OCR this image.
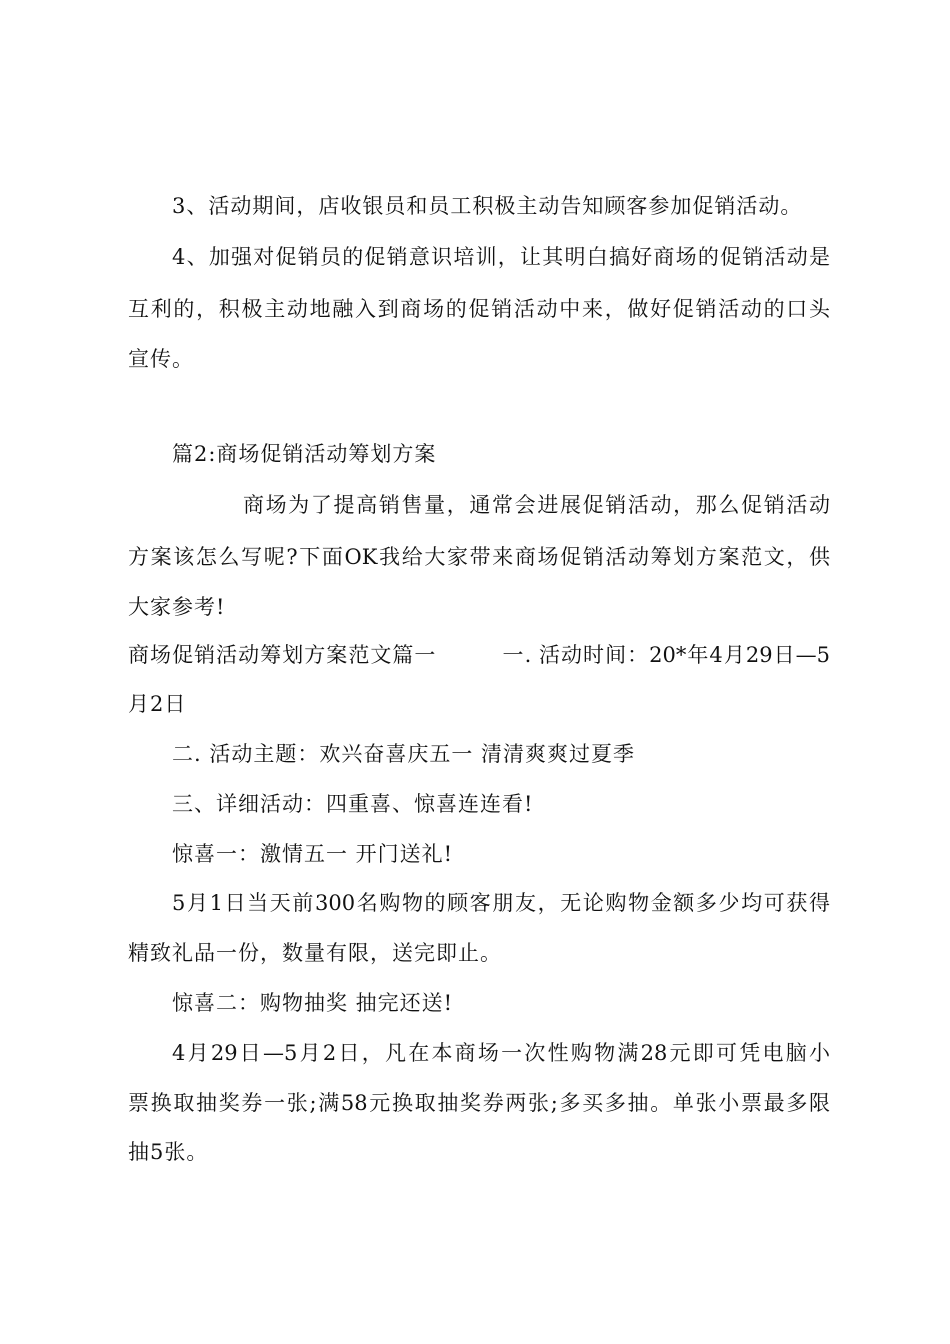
3、活动期间，店收银员和员工积极主动告知顾客参加促销活动。
4、加强对促销员的促销意识培训，让其明白搞好商场的促销活动是
互利的，积极主动地融入到商场的促销活动中来，做好促销活动的口头
宣传。
篇2:商场促销活动筹划方案
商场为了提高销售量，通常会进展促销活动，那么促销活动
方案该怎么写呢?下面OK我给大家带来商场促销活动筹划方案范文，供
大家参考!
商场促销活动筹划方案范文篇一　　　一. 活动时间：20*年4月29日—5
月2日
二. 活动主题：欢兴奋喜庆五一 清清爽爽过夏季
三、详细活动：四重喜、惊喜连连看!
惊喜一：激情五一 开门送礼!
5月1日当天前300名购物的顾客朋友，无论购物金额多少均可获得
精致礼品一份，数量有限，送完即止。
惊喜二：购物抽奖 抽完还送!
4月29日—5月2日，凡在本商场一次性购物满28元即可凭电脑小
票换取抽奖券一张;满58元换取抽奖券两张;多买多抽。单张小票最多限
抽5张。
